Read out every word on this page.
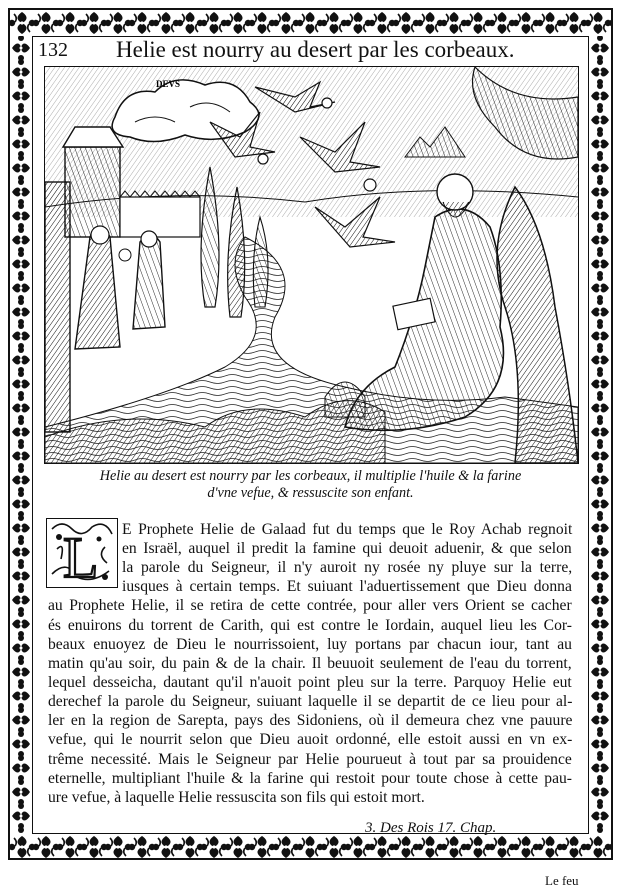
132 Helie est nourry au desert par les corbeaux.
DEVS
Helie au desert est nourry par les corbeaux, il multiplie l'huile & la farine
d'vne vefue, & ressuscite son enfant.
L E Prophete Helie de Galaad fut du temps que le Roy Achab regnoit
en Israël, auquel il predit la famine qui deuoit aduenir, & que selon
la parole du Seigneur, il n'y auroit ny rosée ny pluye sur la terre,
iusques à certain temps. Et suiuant l'aduertissement que Dieu donna
au Prophete Helie, il se retira de cette contrée, pour aller vers Orient se cacher
és enuirons du torrent de Carith, qui est contre le Iordain, auquel lieu les Cor-
beaux enuoyez de Dieu le nourrissoient, luy portans par chacun iour, tant au
matin qu'au soir, du pain & de la chair. Il beuuoit seulement de l'eau du torrent,
lequel desseicha, dautant qu'il n'auoit point pleu sur la terre. Parquoy Helie eut
derechef la parole du Seigneur, suiuant laquelle il se departit de ce lieu pour al-
ler en la region de Sarepta, pays des Sidoniens, où il demeura chez vne pauure
vefue, qui le nourrit selon que Dieu auoit ordonné, elle estoit aussi en vn ex-
trême necessité. Mais le Seigneur par Helie pourueut à tout par sa prouidence
eternelle, multipliant l'huile & la farine qui restoit pour toute chose à cette pau-
ure vefue, à laquelle Helie ressuscita son fils qui estoit mort.
3. Des Rois 17. Chap.
Le feu
